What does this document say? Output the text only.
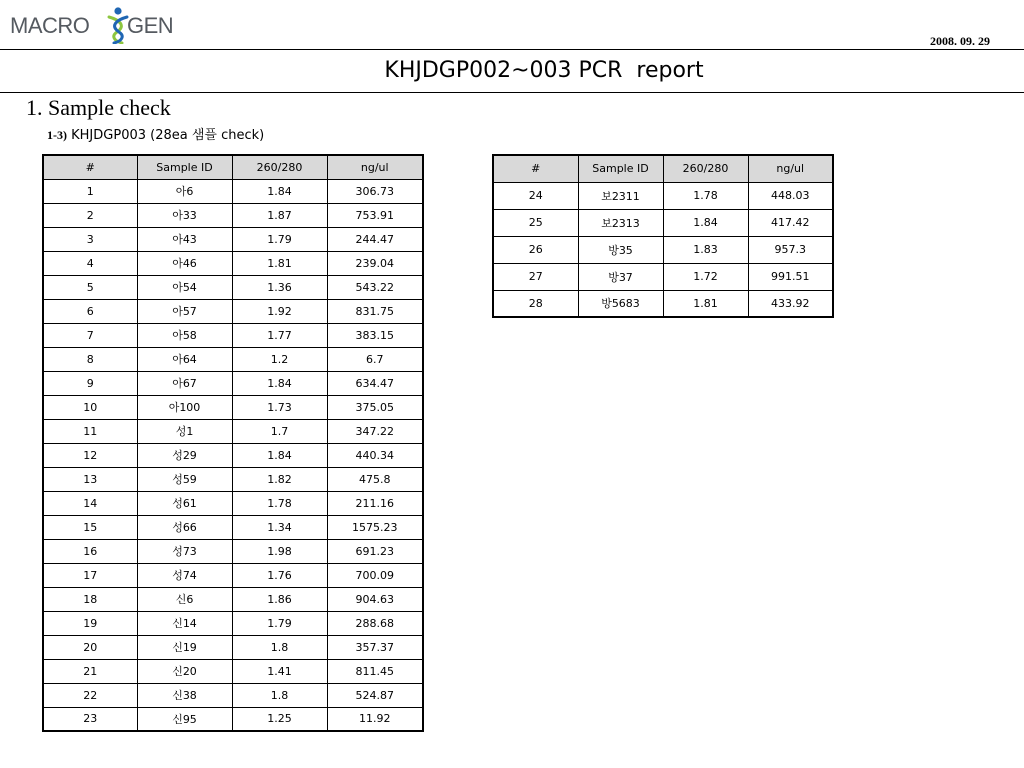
MACRO GEN
2008. 09. 29
KHJDGP002~003 PCR  report
1. Sample check
1-3) KHJDGP003 (28ea 샘플 check)
#	Sample ID	260/280	ng/ul
1	아6	1.84	306.73
2	아33	1.87	753.91
3	아43	1.79	244.47
4	아46	1.81	239.04
5	아54	1.36	543.22
6	아57	1.92	831.75
7	아58	1.77	383.15
8	아64	1.2	6.7
9	아67	1.84	634.47
10	아100	1.73	375.05
11	성1	1.7	347.22
12	성29	1.84	440.34
13	성59	1.82	475.8
14	성61	1.78	211.16
15	성66	1.34	1575.23
16	성73	1.98	691.23
17	성74	1.76	700.09
18	신6	1.86	904.63
19	신14	1.79	288.68
20	신19	1.8	357.37
21	신20	1.41	811.45
22	신38	1.8	524.87
23	신95	1.25	11.92
#	Sample ID	260/280	ng/ul
24	보2311	1.78	448.03
25	보2313	1.84	417.42
26	방35	1.83	957.3
27	방37	1.72	991.51
28	방5683	1.81	433.92
